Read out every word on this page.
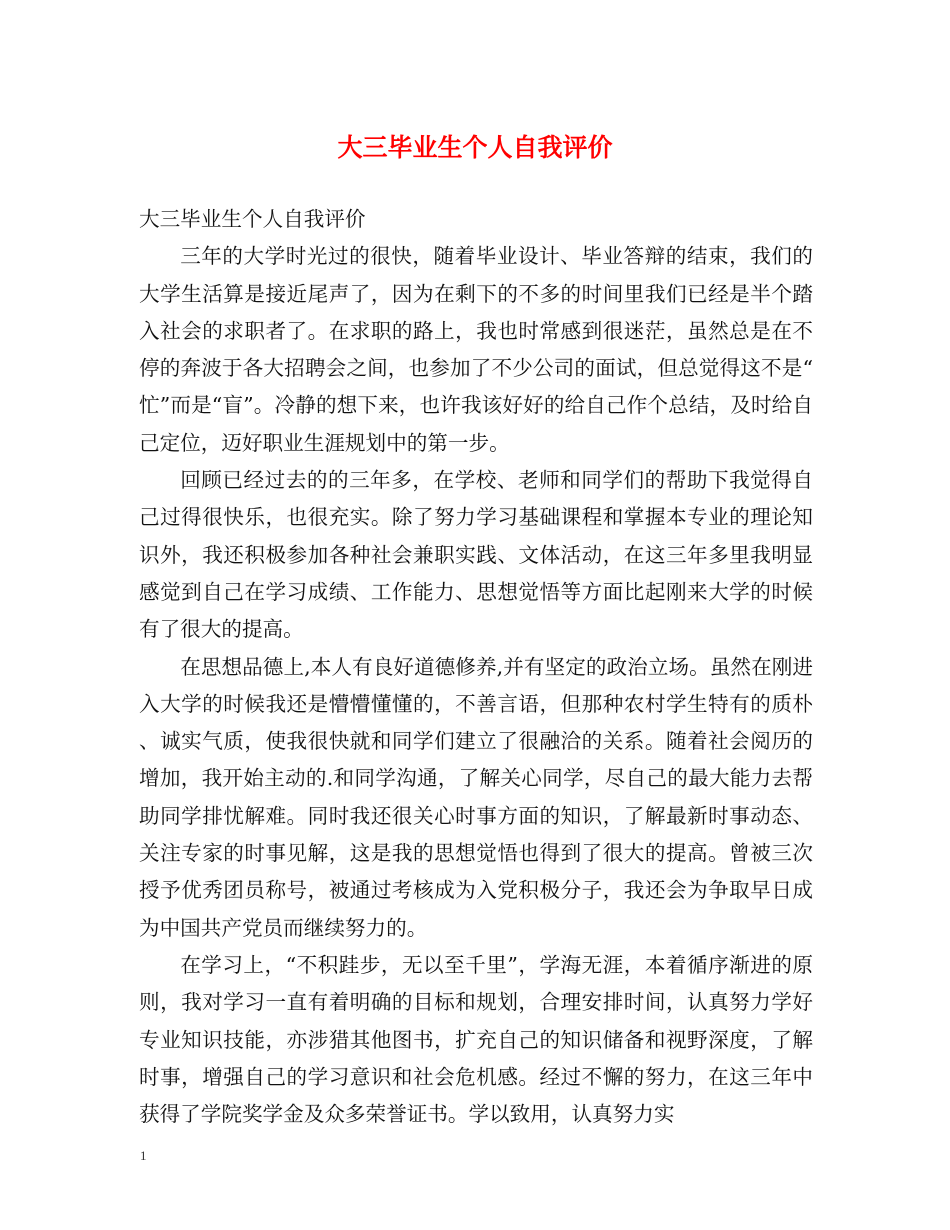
大三毕业生个人自我评价

大三毕业生个人自我评价

三年的大学时光过的很快，随着毕业设计、毕业答辩的结束，我们的大学生活算是接近尾声了，因为在剩下的不多的时间里我们已经是半个踏入社会的求职者了。在求职的路上，我也时常感到很迷茫，虽然总是在不停的奔波于各大招聘会之间，也参加了不少公司的面试，但总觉得这不是“忙”而是“盲”。冷静的想下来，也许我该好好的给自己作个总结，及时给自己定位，迈好职业生涯规划中的第一步。

回顾已经过去的的三年多，在学校、老师和同学们的帮助下我觉得自己过得很快乐，也很充实。除了努力学习基础课程和掌握本专业的理论知识外，我还积极参加各种社会兼职实践、文体活动，在这三年多里我明显感觉到自己在学习成绩、工作能力、思想觉悟等方面比起刚来大学的时候有了很大的提高。

在思想品德上,本人有良好道德修养,并有坚定的政治立场。虽然在刚进入大学的时候我还是懵懵懂懂的，不善言语，但那种农村学生特有的质朴、诚实气质，使我很快就和同学们建立了很融洽的关系。随着社会阅历的增加，我开始主动的.和同学沟通，了解关心同学，尽自己的最大能力去帮助同学排忧解难。同时我还很关心时事方面的知识，了解最新时事动态、关注专家的时事见解，这是我的思想觉悟也得到了很大的提高。曾被三次授予优秀团员称号，被通过考核成为入党积极分子，我还会为争取早日成为中国共产党员而继续努力的。

在学习上，“不积跬步，无以至千里”，学海无涯，本着循序渐进的原则，我对学习一直有着明确的目标和规划，合理安排时间，认真努力学好专业知识技能，亦涉猎其他图书，扩充自己的知识储备和视野深度，了解时事，增强自己的学习意识和社会危机感。经过不懈的努力，在这三年中获得了学院奖学金及众多荣誉证书。学以致用，认真努力实

1
